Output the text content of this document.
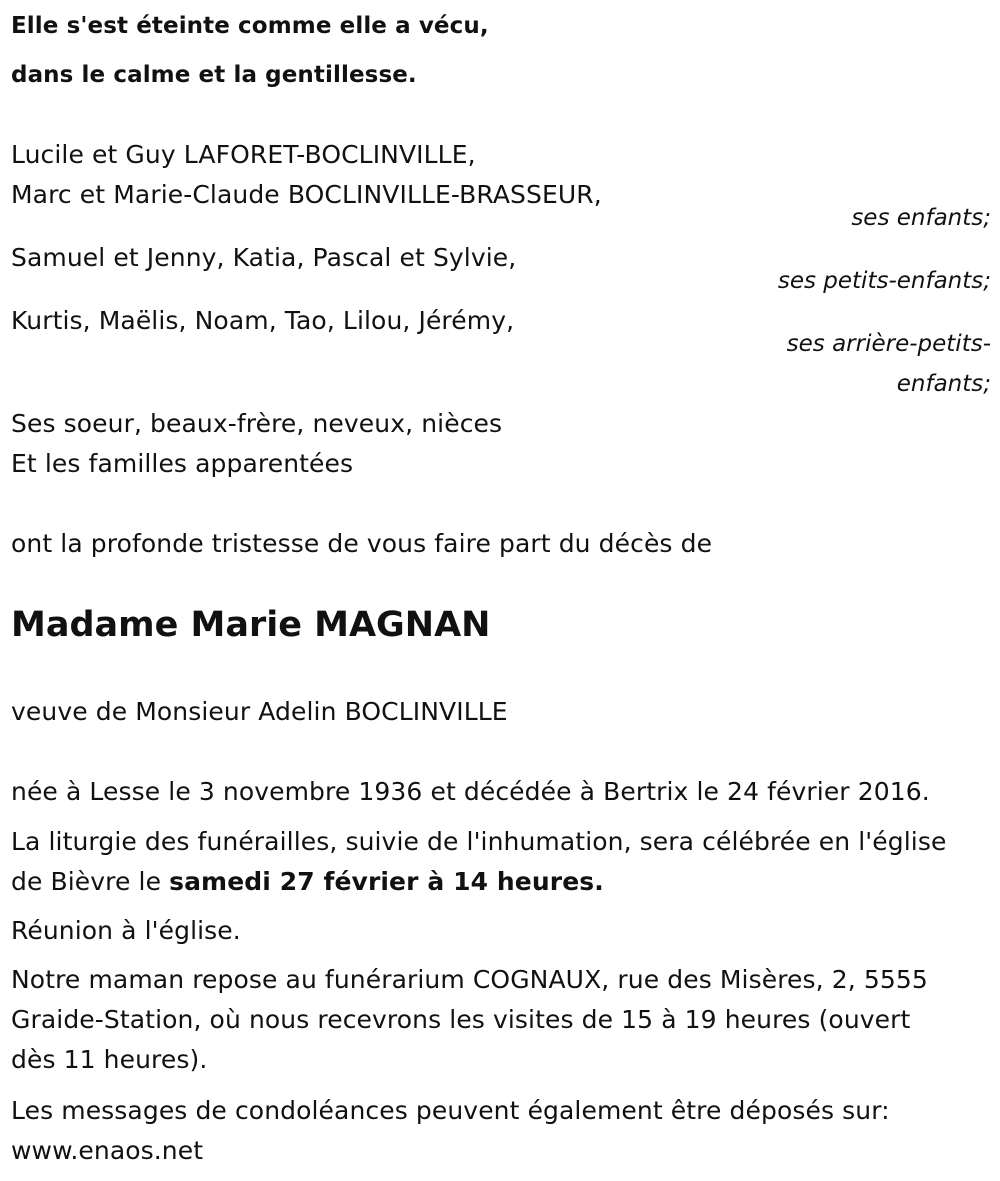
Elle s'est éteinte comme elle a vécu,
dans le calme et la gentillesse.
Lucile et Guy LAFORET-BOCLINVILLE,
Marc et Marie-Claude BOCLINVILLE-BRASSEUR,
ses enfants;
Samuel et Jenny, Katia, Pascal et Sylvie,
ses petits-enfants;
Kurtis, Maëlis, Noam, Tao, Lilou, Jérémy,
ses arrière-petits-
enfants;
Ses soeur, beaux-frère, neveux, nièces
Et les familles apparentées
ont la profonde tristesse de vous faire part du décès de
Madame Marie MAGNAN
veuve de Monsieur Adelin BOCLINVILLE
née à Lesse le 3 novembre 1936 et décédée à Bertrix le 24 février 2016.
La liturgie des funérailles, suivie de l'inhumation, sera célébrée en l'église
de Bièvre le samedi 27 février à 14 heures.
Réunion à l'église.
Notre maman repose au funérarium COGNAUX, rue des Misères, 2, 5555
Graide-Station, où nous recevrons les visites de 15 à 19 heures (ouvert
dès 11 heures).
Les messages de condoléances peuvent également être déposés sur:
www.enaos.net
